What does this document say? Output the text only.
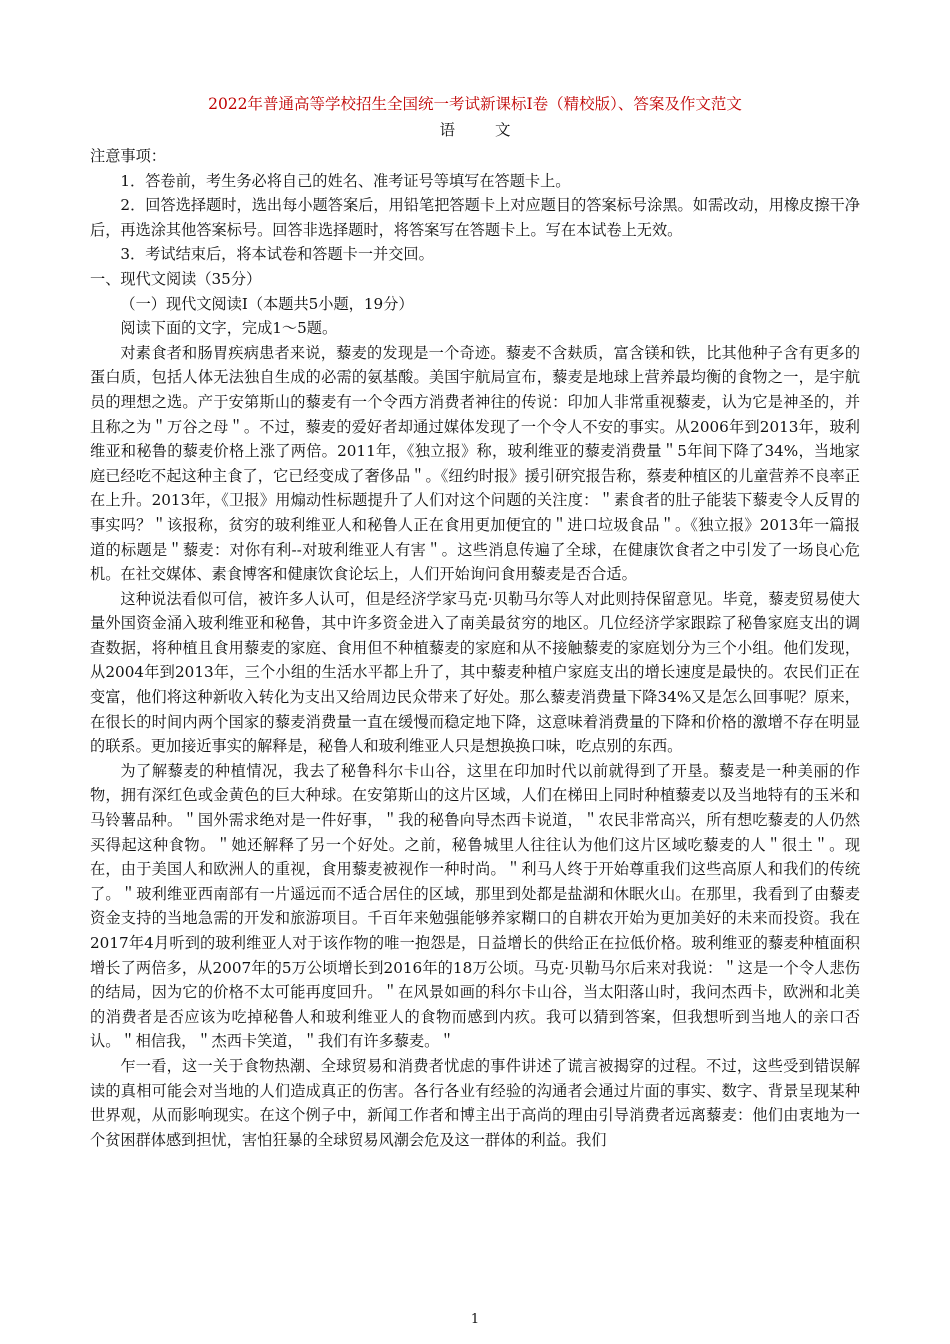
2022年普通高等学校招生全国统一考试新课标Ⅰ卷（精校版）、答案及作文范文
语文

注意事项：

1．答卷前，考生务必将自己的姓名、准考证号等填写在答题卡上。

2．回答选择题时，选出每小题答案后，用铅笔把答题卡上对应题目的答案标号涂黑。如需改动，用橡皮擦干净后，再选涂其他答案标号。回答非选择题时，将答案写在答题卡上。写在本试卷上无效。

3．考试结束后，将本试卷和答题卡一并交回。

一、现代文阅读（35分）

（一）现代文阅读Ⅰ（本题共5小题，19分）

阅读下面的文字，完成1～5题。

对素食者和肠胃疾病患者来说，藜麦的发现是一个奇迹。藜麦不含麸质，富含镁和铁，比其他种子含有更多的蛋白质，包括人体无法独自生成的必需的氨基酸。美国宇航局宣布，藜麦是地球上营养最均衡的食物之一，是宇航员的理想之选。产于安第斯山的藜麦有一个令西方消费者神往的传说：印加人非常重视藜麦，认为它是神圣的，并且称之为＂万谷之母＂。不过，藜麦的爱好者却通过媒体发现了一个令人不安的事实。从2006年到2013年，玻利维亚和秘鲁的藜麦价格上涨了两倍。2011年，《独立报》称，玻利维亚的藜麦消费量＂5年间下降了34%，当地家庭已经吃不起这种主食了，它已经变成了奢侈品＂。《纽约时报》援引研究报告称，蔡麦种植区的儿童营养不良率正在上升。2013年，《卫报》用煽动性标题提升了人们对这个问题的关注度：＂素食者的肚子能装下藜麦令人反胃的事实吗？＂该报称，贫穷的玻利维亚人和秘鲁人正在食用更加便宜的＂进口垃圾食品＂。《独立报》2013年一篇报道的标题是＂藜麦：对你有利--对玻利维亚人有害＂。这些消息传遍了全球，在健康饮食者之中引发了一场良心危机。在社交媒体、素食博客和健康饮食论坛上，人们开始询问食用藜麦是否合适。

这种说法看似可信，被许多人认可，但是经济学家马克·贝勒马尔等人对此则持保留意见。毕竟，藜麦贸易使大量外国资金涌入玻利维亚和秘鲁，其中许多资金进入了南美最贫穷的地区。几位经济学家跟踪了秘鲁家庭支出的调查数据，将种植且食用藜麦的家庭、食用但不种植藜麦的家庭和从不接触藜麦的家庭划分为三个小组。他们发现，从2004年到2013年，三个小组的生活水平都上升了，其中藜麦种植户家庭支出的增长速度是最快的。农民们正在变富，他们将这种新收入转化为支出又给周边民众带来了好处。那么藜麦消费量下降34%又是怎么回事呢？原来，在很长的时间内两个国家的藜麦消费量一直在缓慢而稳定地下降，这意味着消费量的下降和价格的激增不存在明显的联系。更加接近事实的解释是，秘鲁人和玻利维亚人只是想换换口味，吃点别的东西。

为了解藜麦的种植情况，我去了秘鲁科尔卡山谷，这里在印加时代以前就得到了开垦。藜麦是一种美丽的作物，拥有深红色或金黄色的巨大种球。在安第斯山的这片区域，人们在梯田上同时种植藜麦以及当地特有的玉米和马铃薯品种。＂国外需求绝对是一件好事，＂我的秘鲁向导杰西卡说道，＂农民非常高兴，所有想吃藜麦的人仍然买得起这种食物。＂她还解释了另一个好处。之前，秘鲁城里人往往认为他们这片区域吃藜麦的人＂很土＂。现在，由于美国人和欧洲人的重视，食用藜麦被视作一种时尚。＂利马人终于开始尊重我们这些高原人和我们的传统了。＂玻利维亚西南部有一片遥远而不适合居住的区域，那里到处都是盐湖和休眠火山。在那里，我看到了由藜麦资金支持的当地急需的开发和旅游项目。千百年来勉强能够养家糊口的自耕农开始为更加美好的未来而投资。我在2017年4月听到的玻利维亚人对于该作物的唯一抱怨是，日益增长的供给正在拉低价格。玻利维亚的藜麦种植面积增长了两倍多，从2007年的5万公顷增长到2016年的18万公顷。马克·贝勒马尔后来对我说：＂这是一个令人悲伤的结局，因为它的价格不太可能再度回升。＂在风景如画的科尔卡山谷，当太阳落山时，我问杰西卡，欧洲和北美的消费者是否应该为吃掉秘鲁人和玻利维亚人的食物而感到内疚。我可以猜到答案，但我想听到当地人的亲口否认。＂相信我，＂杰西卡笑道，＂我们有许多藜麦。＂

乍一看，这一关于食物热潮、全球贸易和消费者忧虑的事件讲述了谎言被揭穿的过程。不过，这些受到错误解读的真相可能会对当地的人们造成真正的伤害。各行各业有经验的沟通者会通过片面的事实、数字、背景呈现某种世界观，从而影响现实。在这个例子中，新闻工作者和博主出于高尚的理由引导消费者远离藜麦：他们由衷地为一个贫困群体感到担忧，害怕狂暴的全球贸易风潮会危及这一群体的利益。我们

1
